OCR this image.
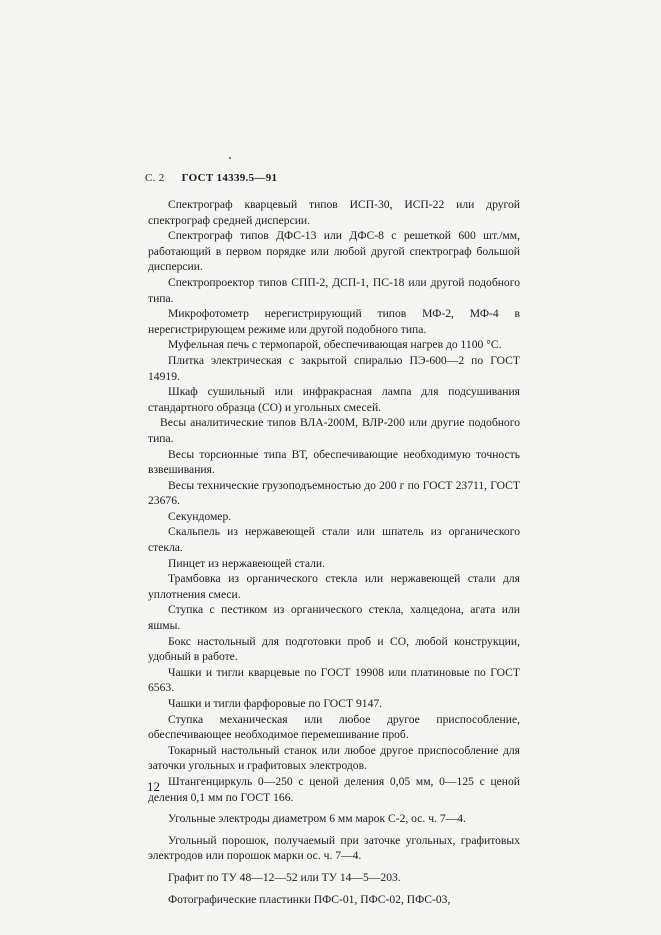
С. 2 ГОСТ 14339.5—91

Спектрограф кварцевый типов ИСП-30, ИСП-22 или другой спектрограф средней дисперсии.

Спектрограф типов ДФС-13 или ДФС-8 с решеткой 600 шт./мм, работающий в первом порядке или любой другой спектрограф большой дисперсии.

Спектропроектор типов СПП-2, ДСП-1, ПС-18 или другой подобного типа.

Микрофотометр нерегистрирующий типов МФ-2, МФ-4 в нерегистрирующем режиме или другой подобного типа.

Муфельная печь с термопарой, обеспечивающая нагрев до 1100 °С.

Плитка электрическая с закрытой спиралью ПЭ-600—2 по ГОСТ 14919.

Шкаф сушильный или инфракрасная лампа для подсушивания стандартного образца (СО) и угольных смесей.

Весы аналитические типов ВЛА-200М, ВЛР-200 или другие подобного типа.

Весы торсионные типа ВТ, обеспечивающие необходимую точность взвешивания.

Весы технические грузоподъемностью до 200 г по ГОСТ 23711, ГОСТ 23676.

Секундомер.

Скальпель из нержавеющей стали или шпатель из органического стекла.

Пинцет из нержавеющей стали.

Трамбовка из органического стекла или нержавеющей стали для уплотнения смеси.

Ступка с пестиком из органического стекла, халцедона, агата или яшмы.

Бокс настольный для подготовки проб и СО, любой конструкции, удобный в работе.

Чашки и тигли кварцевые по ГОСТ 19908 или платиновые по ГОСТ 6563.

Чашки и тигли фарфоровые по ГОСТ 9147.

Ступка механическая или любое другое приспособление, обеспечивающее необходимое перемешивание проб.

Токарный настольный станок или любое другое приспособление для заточки угольных и графитовых электродов.

Штангенциркуль 0—250 с ценой деления 0,05 мм, 0—125 с ценой деления 0,1 мм по ГОСТ 166.

Угольные электроды диаметром 6 мм марок С-2, ос. ч. 7—4.

Угольный порошок, получаемый при заточке угольных, графитовых электродов или порошок марки ос. ч. 7—4.

Графит по ТУ 48—12—52 или ТУ 14—5—203.

Фотографические пластинки ПФС-01, ПФС-02, ПФС-03,

12
